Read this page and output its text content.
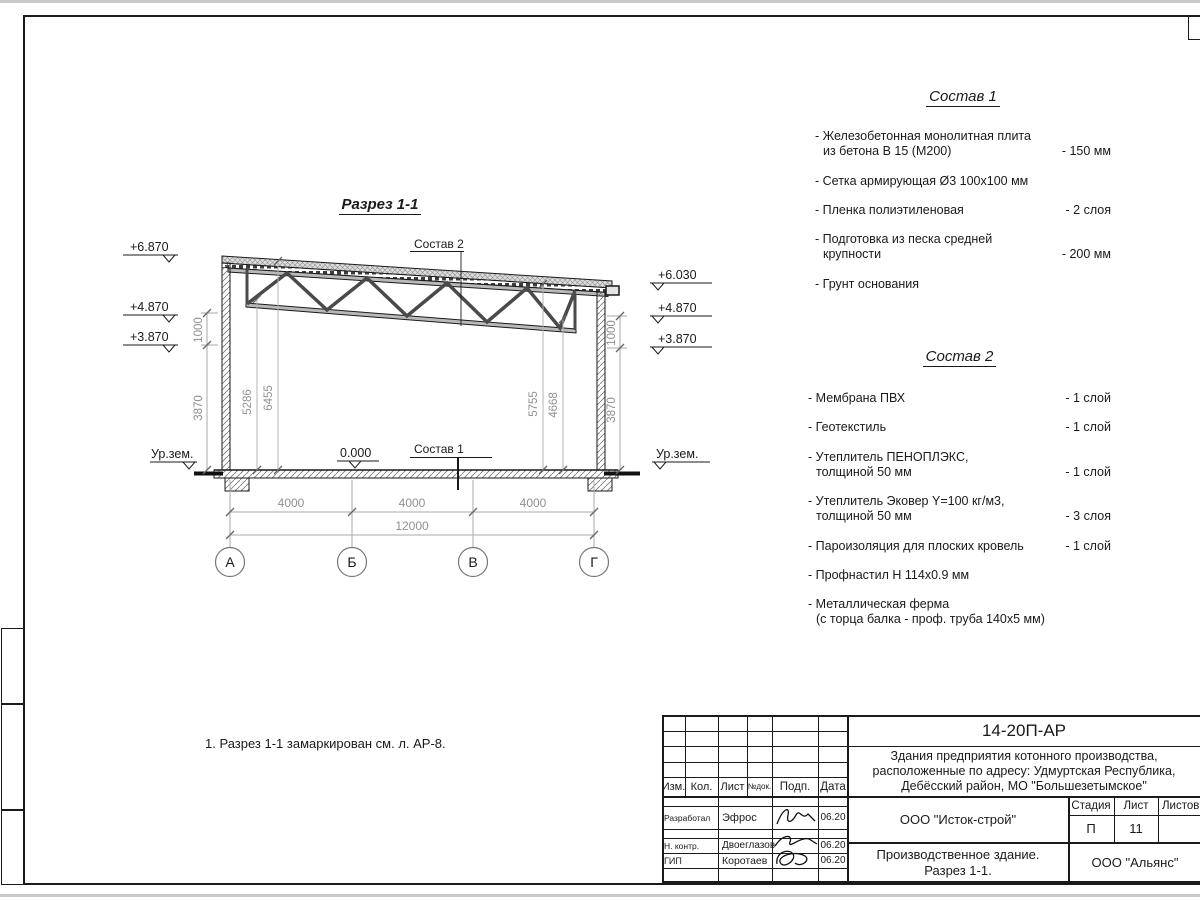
Разрез 1-1
5286 6455	5755 4668
1000
3870
1000
3870
4000	4000	4000
12000
А	Б	В	Г
+6.870
+4.870
+3.870
Ур.зем.
+6.030
+4.870
+3.870
Ур.зем.
0.000
Состав 2
Состав 1
Состав 1
- Железобетонная монолитная плита
из бетона В 15 (М200)	- 150 мм
- Сетка армирующая Ø3 100х100 мм
- Пленка полиэтиленовая	- 2 слоя
- Подготовка из песка средней
крупности	- 200 мм
- Грунт основания
Состав 2
- Мембрана ПВХ	- 1 слой
- Геотекстиль	- 1 слой
- Утеплитель ПЕНОПЛЭКС,
толщиной 50 мм	- 1 слой
- Утеплитель Эковер Y=100 кг/м3,
толщиной 50 мм	- 3 слоя
- Пароизоляция для плоских кровель	- 1 слой
- Профнастил Н 114х0.9 мм
- Металлическая ферма
(с торца балка - проф. труба 140х5 мм)
1. Разрез 1-1 замаркирован см. л. АР-8.
Изм. Кол. Лист №док. Подп. Дата
Разработал	Эфрос	06.20
Н. контр.	Двоеглазов	06.20
ГИП	Коротаев	06.20
14-20П-АР
Здания предприятия котонного производства,
расположенные по адресу: Удмуртская Республика,
Дебёсский район, МО "Большезетымское"
ООО "Исток-строй"
Стадия	Лист	Листов
П	11
Производственное здание.
Разрез 1-1.	ООО "Альянс"
